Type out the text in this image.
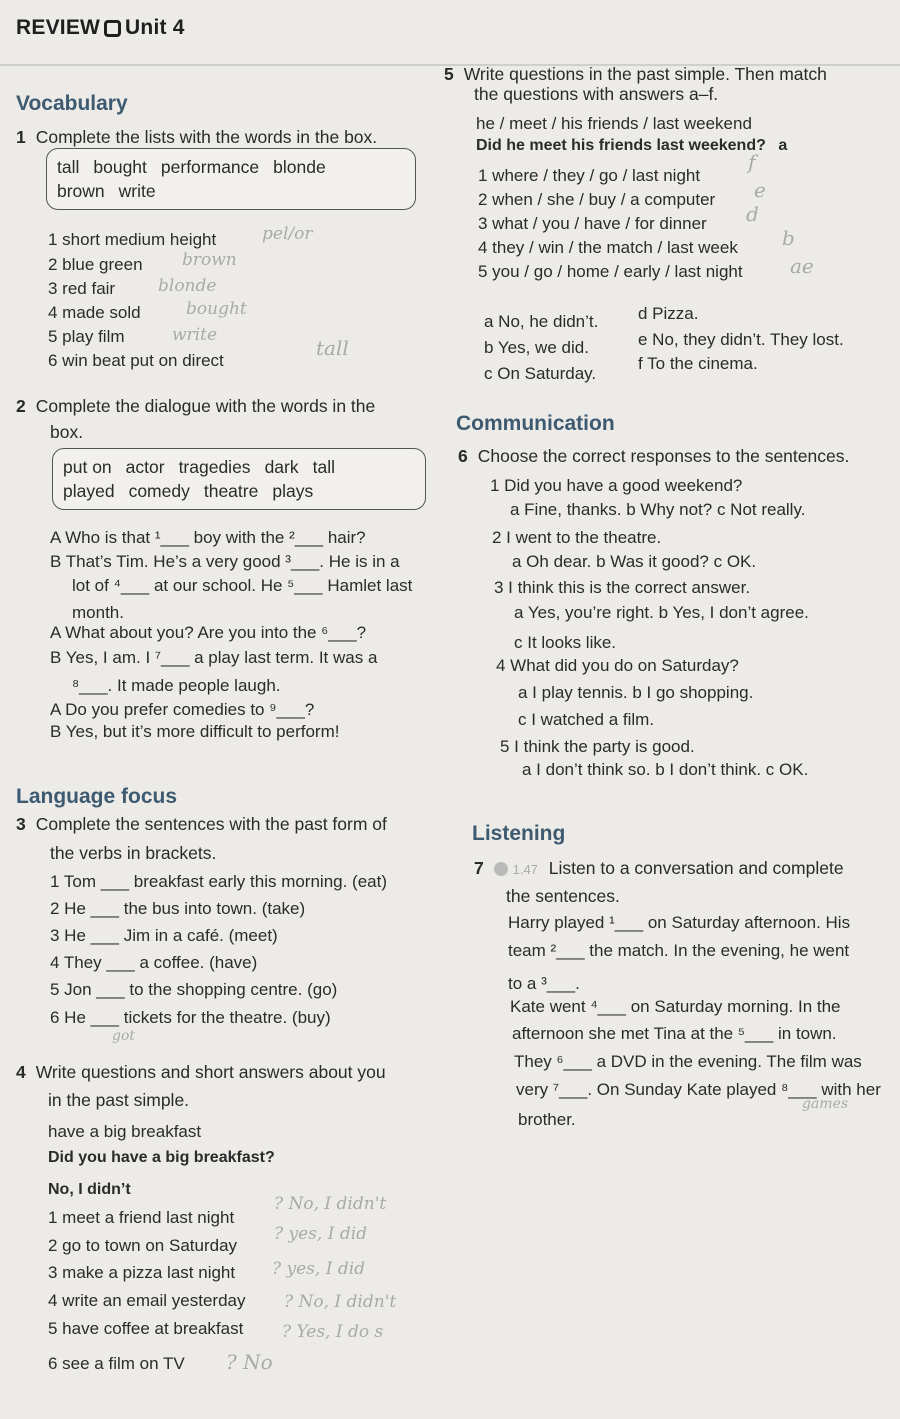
REVIEW Unit 4
Vocabulary
1 Complete the lists with the words in the box.
tall bought performance blonde
brown write
1 short medium height
2 blue green
3 red fair
4 made sold
5 play film
6 win beat put on direct
pel/or
brown
blonde
bought
write
tall
2 Complete the dialogue with the words in the
box.
put on actor tragedies dark tall
played comedy theatre plays
A Who is that ¹___ boy with the ²___ hair?
B That’s Tim. He’s a very good ³___. He is in a
lot of ⁴___ at our school. He ⁵___ Hamlet last
month.
A What about you? Are you into the ⁶___?
B Yes, I am. I ⁷___ a play last term. It was a
⁸___. It made people laugh.
A Do you prefer comedies to ⁹___?
B Yes, but it’s more difficult to perform!
Language focus
3 Complete the sentences with the past form of
the verbs in brackets.
1 Tom ___ breakfast early this morning. (eat)
2 He ___ the bus into town. (take)
3 He ___ Jim in a café. (meet)
4 They ___ a coffee. (have)
5 Jon ___ to the shopping centre. (go)
6 He ___ tickets for the theatre. (buy)
got
4 Write questions and short answers about you
in the past simple.
have a big breakfast
Did you have a big breakfast?
No, I didn’t
1 meet a friend last night
2 go to town on Saturday
3 make a pizza last night
4 write an email yesterday
5 have coffee at breakfast
6 see a film on TV
? No, I didn't
? yes, I did
? yes, I did
? No, I didn't
? Yes, I do s
? No
5 Write questions in the past simple. Then match
the questions with answers a–f.
he / meet / his friends / last weekend
Did he meet his friends last weekend? a
1 where / they / go / last night
2 when / she / buy / a computer
3 what / you / have / for dinner
4 they / win / the match / last week
5 you / go / home / early / last night
f
e
d
b
ae
a No, he didn’t.
b Yes, we did.
c On Saturday.
d Pizza.
e No, they didn’t. They lost.
f To the cinema.
Communication
6 Choose the correct responses to the sentences.
1 Did you have a good weekend?
a Fine, thanks. b Why not? c Not really.
2 I went to the theatre.
a Oh dear. b Was it good? c OK.
3 I think this is the correct answer.
a Yes, you’re right. b Yes, I don’t agree.
c It looks like.
4 What did you do on Saturday?
a I play tennis. b I go shopping.
c I watched a film.
5 I think the party is good.
a I don’t think so. b I don’t think. c OK.
Listening
7 1.47 Listen to a conversation and complete
the sentences.
Harry played ¹___ on Saturday afternoon. His
team ²___ the match. In the evening, he went
to a ³___.
Kate went ⁴___ on Saturday morning. In the
afternoon she met Tina at the ⁵___ in town.
They ⁶___ a DVD in the evening. The film was
very ⁷___. On Sunday Kate played ⁸___ with her
brother.
games
